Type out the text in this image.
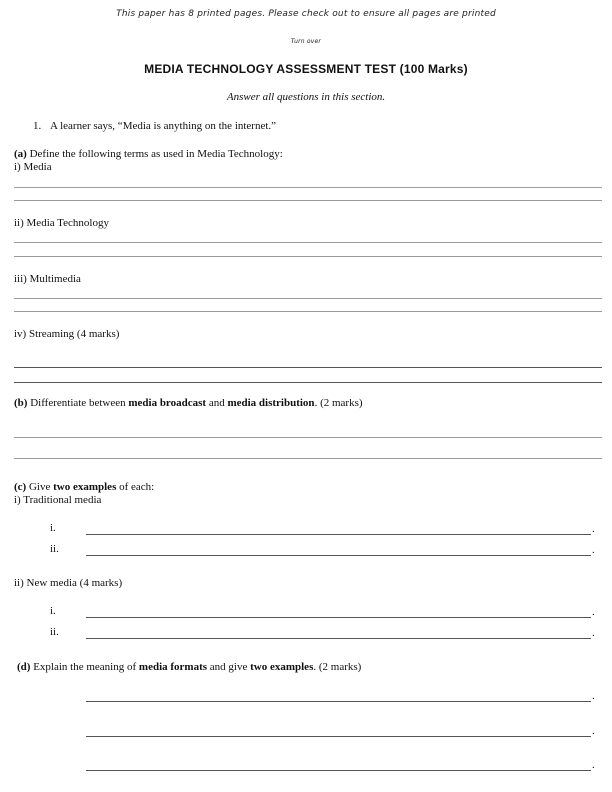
This paper has 8 printed pages. Please check out to ensure all pages are printed
Turn over
MEDIA TECHNOLOGY ASSESSMENT TEST (100 Marks)
Answer all questions in this section.
1. A learner says, “Media is anything on the internet.”
(a) Define the following terms as used in Media Technology:
i) Media
ii) Media Technology
iii) Multimedia
iv) Streaming (4 marks)
(b) Differentiate between media broadcast and media distribution. (2 marks)
(c) Give two examples of each:
i) Traditional media
i.	.
ii.	.
ii) New media (4 marks)
i.	.
ii.	.
(d) Explain the meaning of media formats and give two examples. (2 marks)
.
.
.
